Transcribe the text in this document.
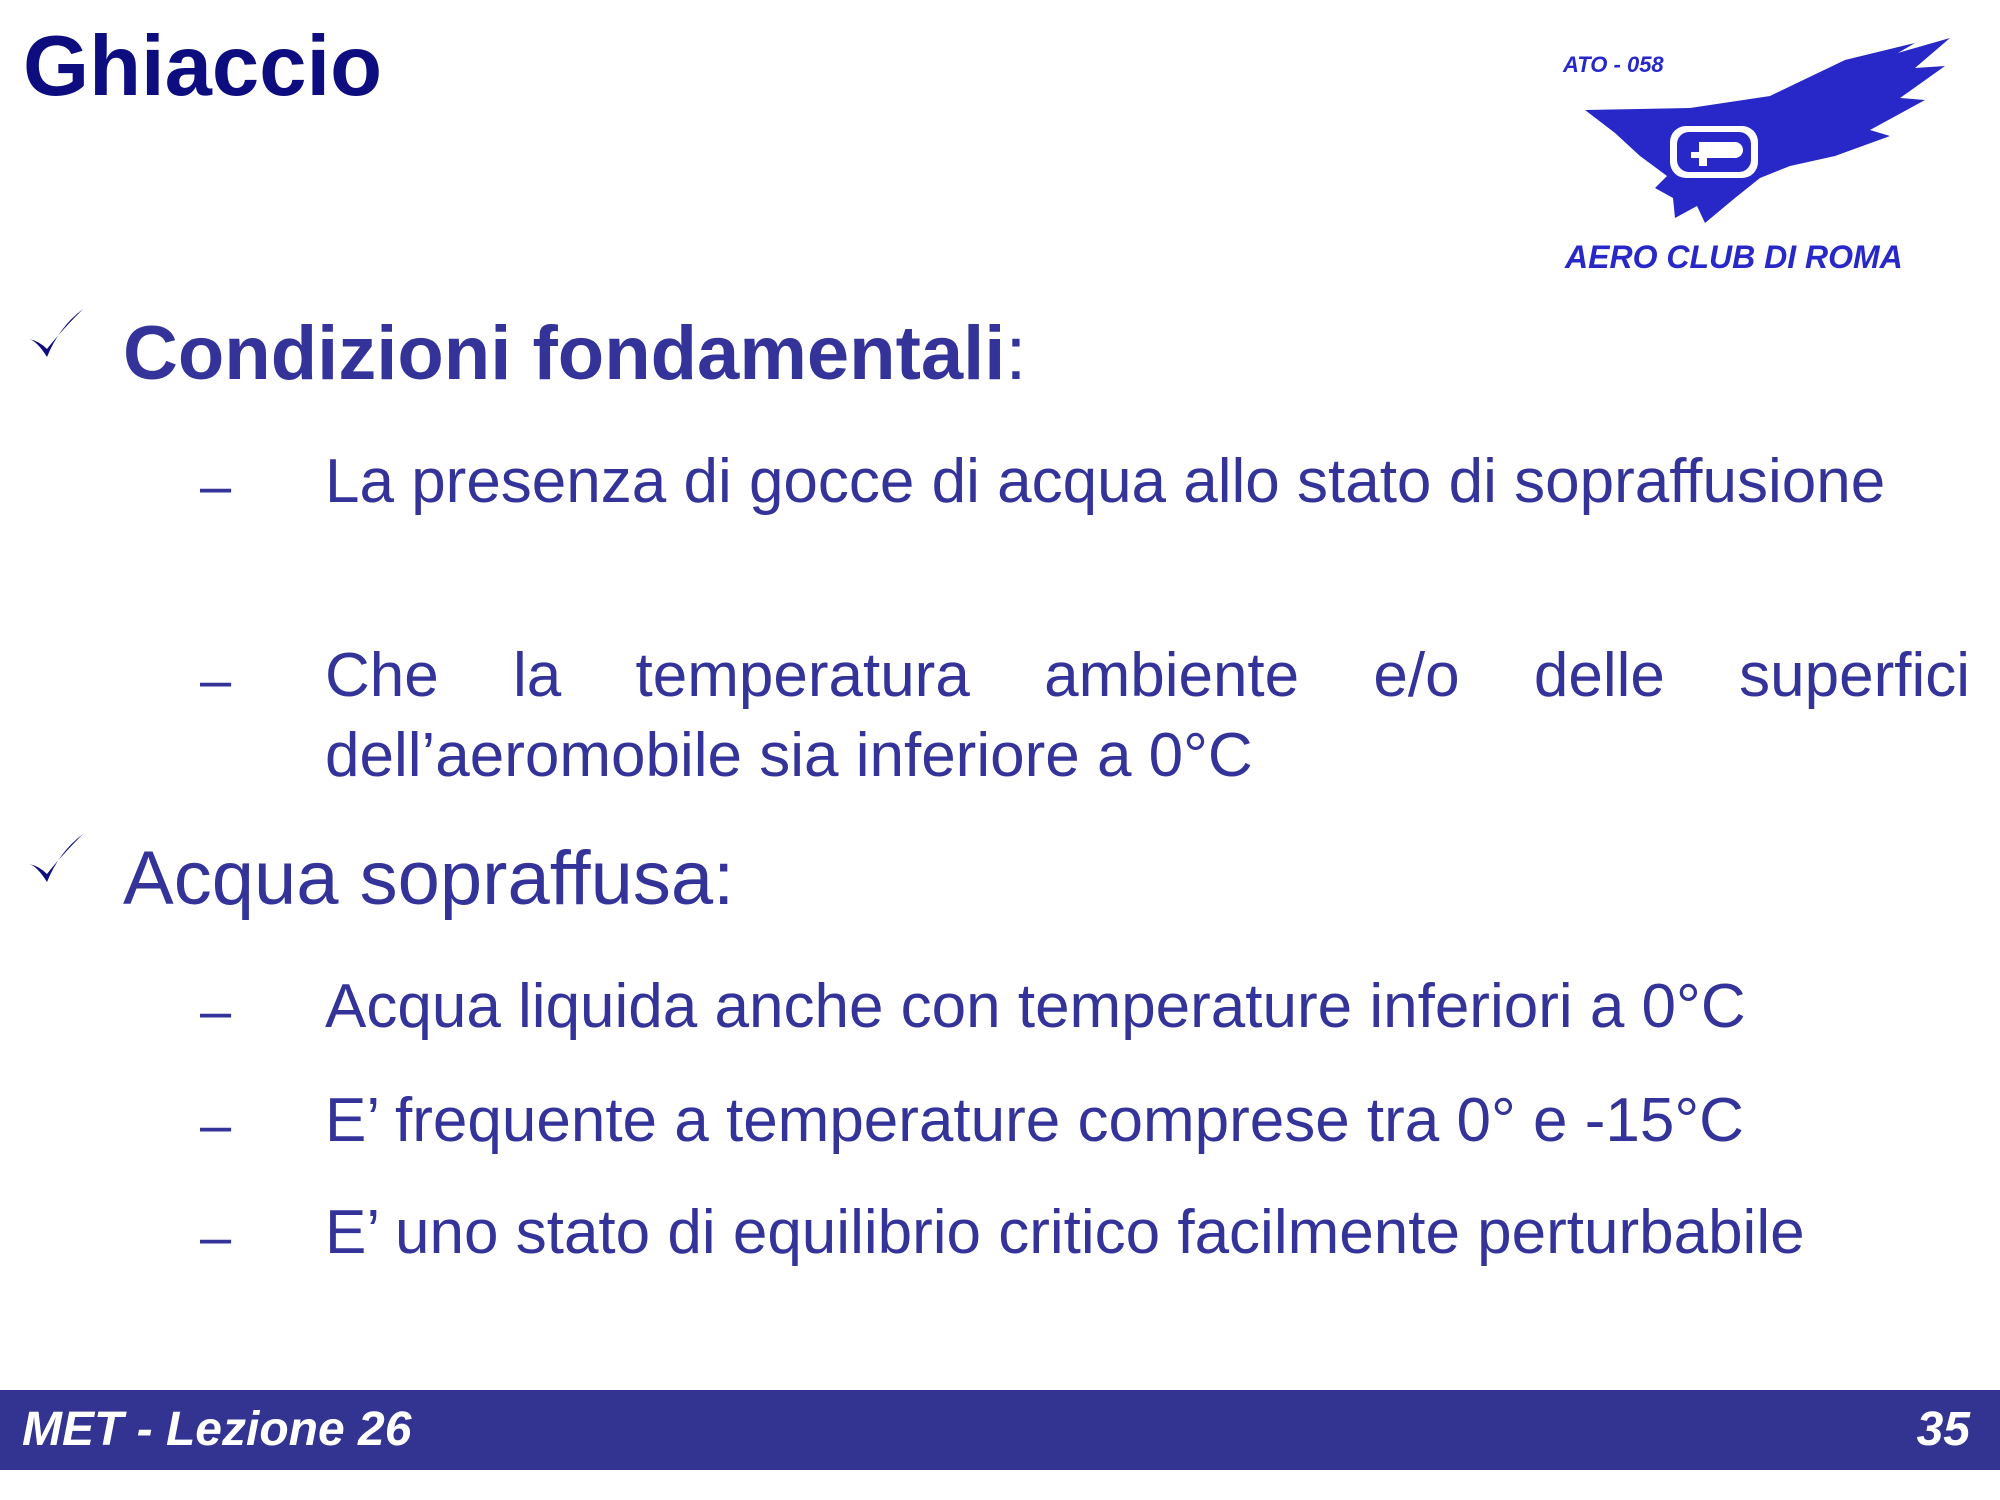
Ghiaccio	ATO - 058
AERO CLUB DI ROMA
Condizioni fondamentali:
– La presenza di gocce di acqua allo stato di sopraffusione
– Che la temperatura ambiente e/o delle superfici dell’aeromobile sia inferiore a 0°C
Acqua sopraffusa:
– Acqua liquida anche con temperature inferiori a 0°C
– E’ frequente a temperature comprese tra 0° e -15°C
– E’ uno stato di equilibrio critico facilmente perturbabile
MET - Lezione 26	35
